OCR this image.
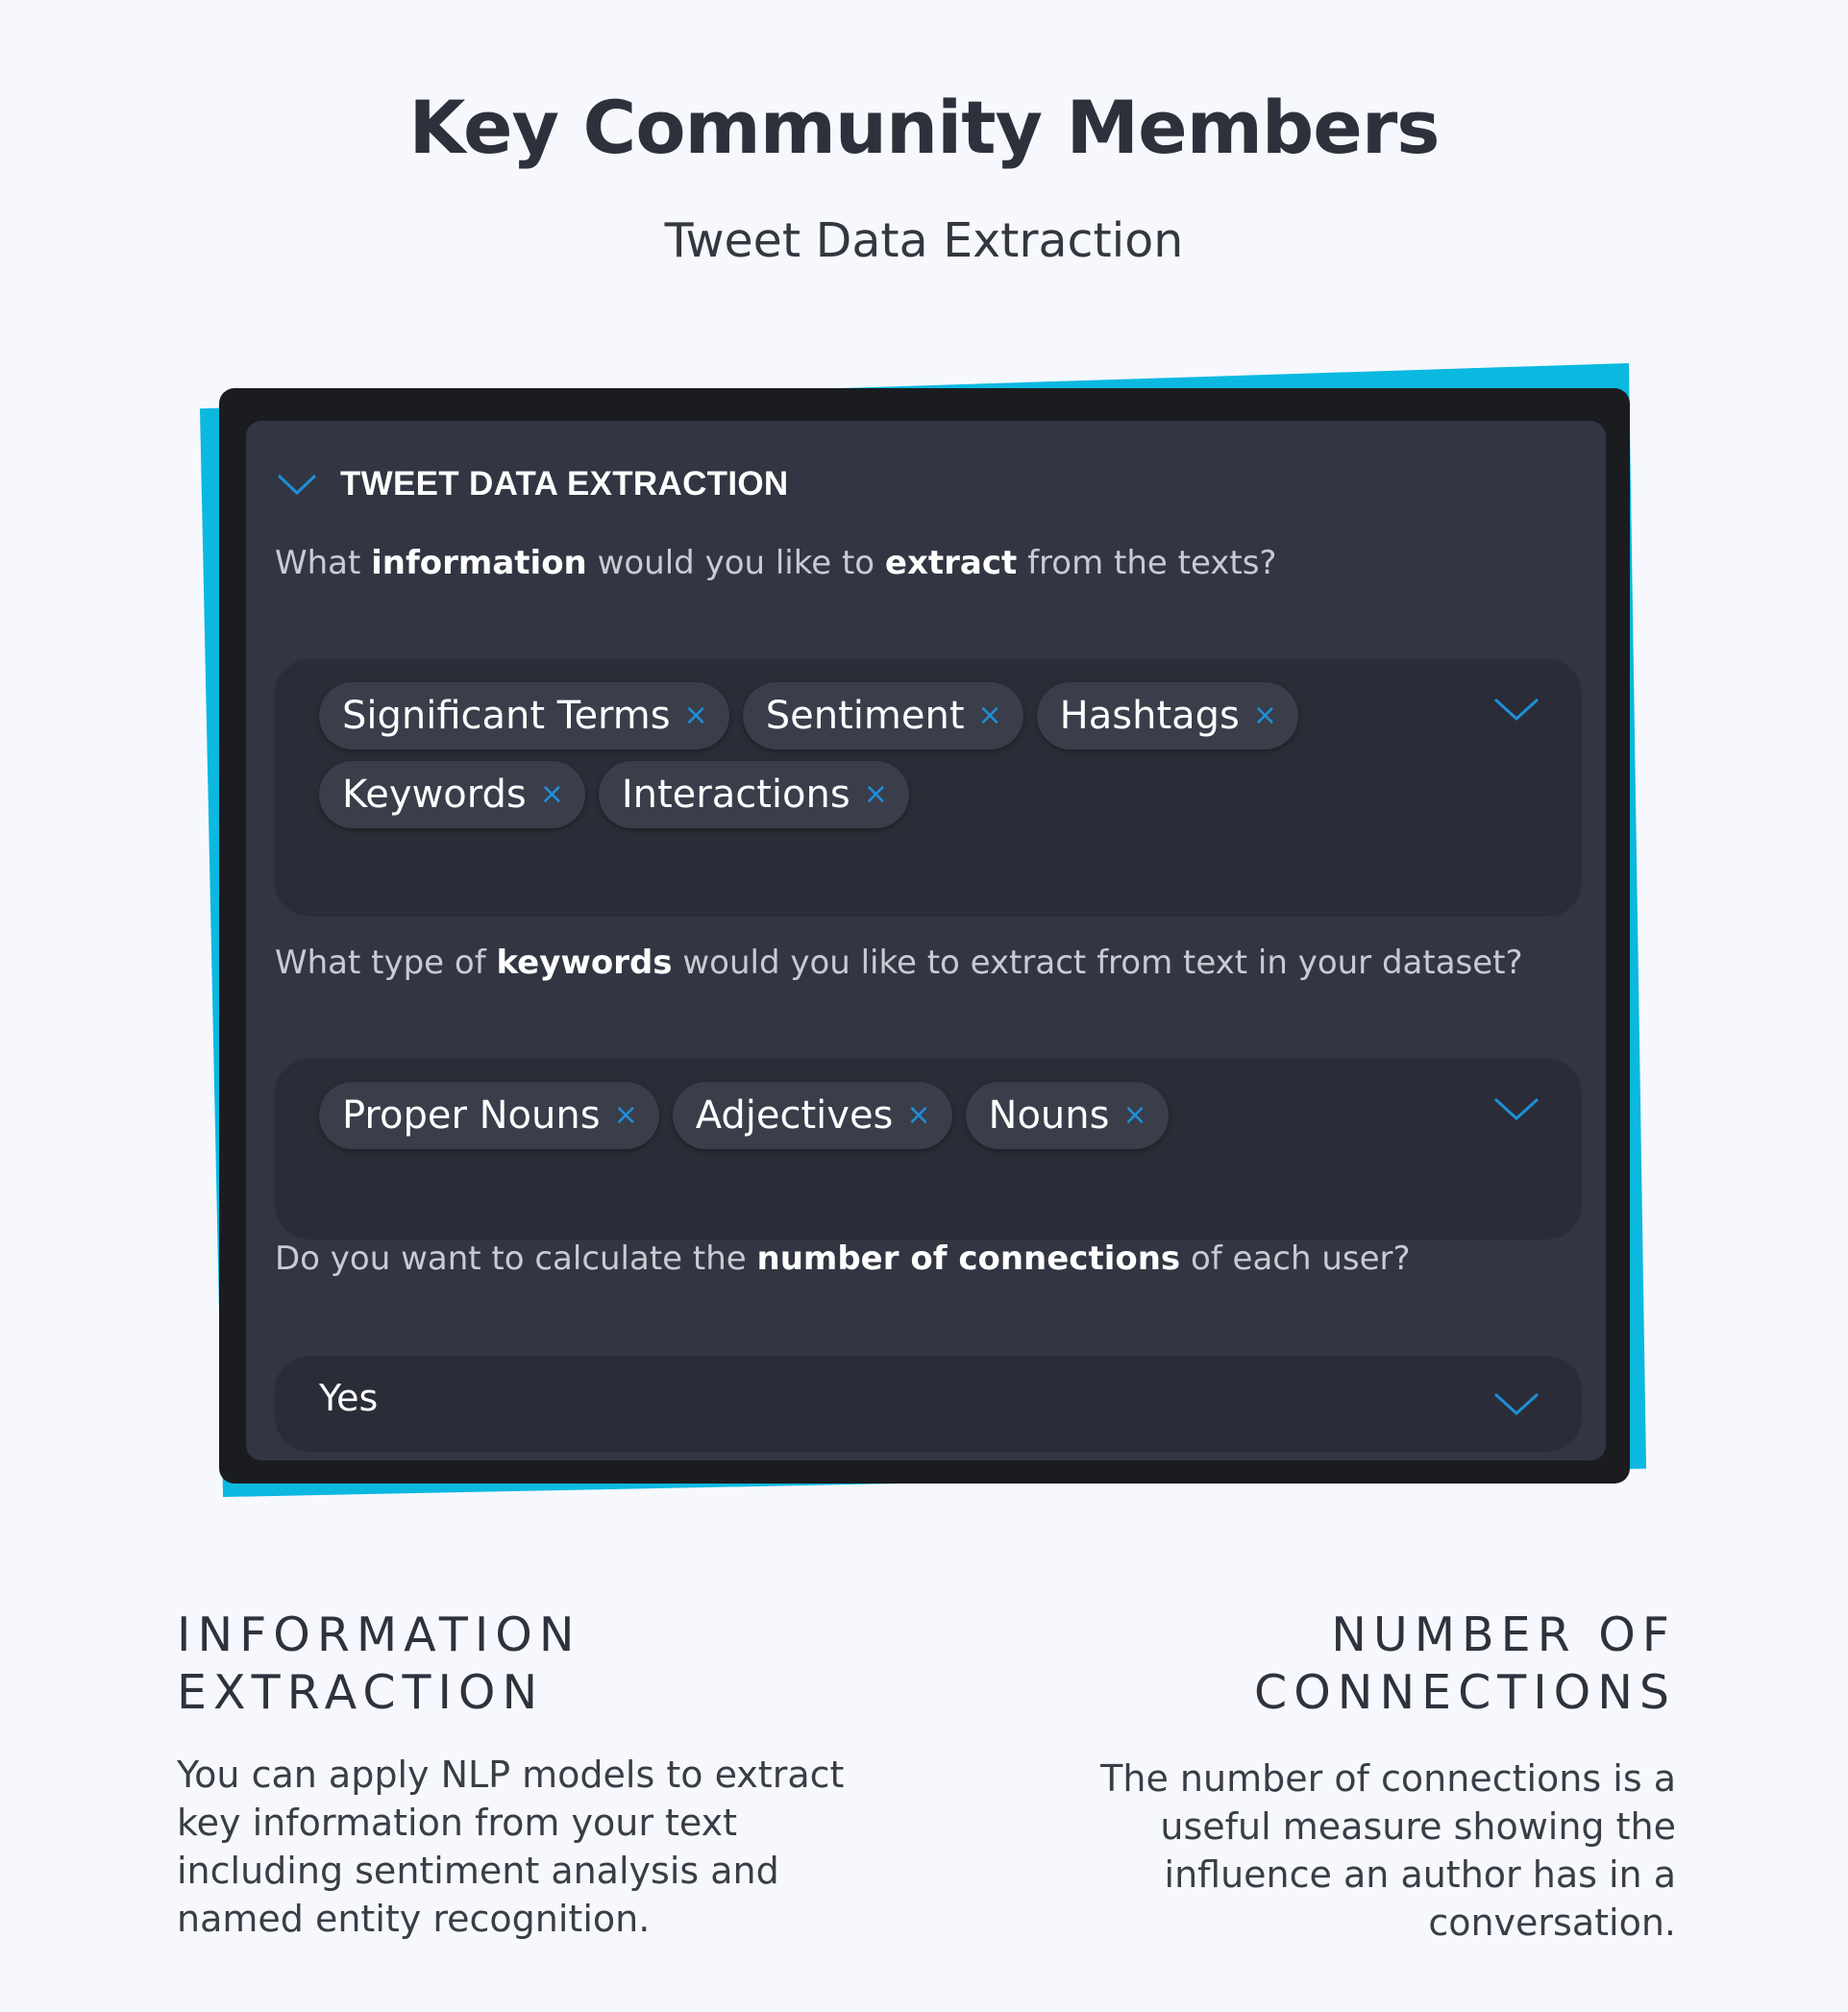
Key Community Members
Tweet Data Extraction
TWEET DATA EXTRACTION
What information would you like to extract from the texts?
Significant Terms × Sentiment × Hashtags ×
Keywords × Interactions ×
What type of keywords would you like to extract from text in your dataset?
Proper Nouns × Adjectives × Nouns ×
Do you want to calculate the number of connections of each user?
Yes
INFORMATION
EXTRACTION

You can apply NLP models to extract
key information from your text
including sentiment analysis and
named entity recognition.

NUMBER OF
CONNECTIONS

The number of connections is a
useful measure showing the
influence an author has in a
conversation.
